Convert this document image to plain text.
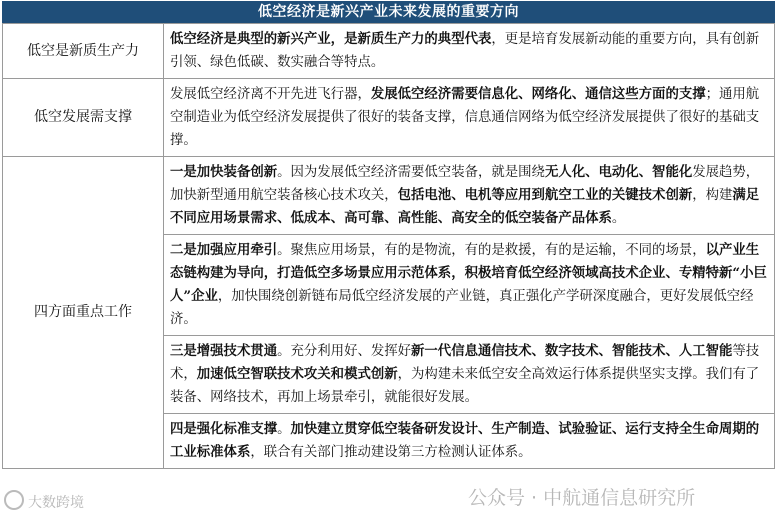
低空经济是新兴产业未来发展的重要方向
低空是新质生产力	低空经济是典型的新兴产业，是新质生产力的典型代表，更是培育发展新动能的重要方向，具有创新引领、绿色低碳、数实融合等特点。
低空发展需支撑	发展低空经济离不开先进飞行器，发展低空经济需要信息化、网络化、通信这些方面的支撑；通用航空制造业为低空经济发展提供了很好的装备支撑，信息通信网络为低空经济发展提供了很好的基础支撑。
四方面重点工作	一是加快装备创新。因为发展低空经济需要低空装备，就是围绕无人化、电动化、智能化发展趋势，加快新型通用航空装备核心技术攻关，包括电池、电机等应用到航空工业的关键技术创新，构建满足不同应用场景需求、低成本、高可靠、高性能、高安全的低空装备产品体系。
	二是加强应用牵引。聚焦应用场景，有的是物流，有的是救援，有的是运输，不同的场景，以产业生态链构建为导向，打造低空多场景应用示范体系，积极培育低空经济领域高技术企业、专精特新“小巨人”企业，加快围绕创新链布局低空经济发展的产业链，真正强化产学研深度融合，更好发展低空经济。
	三是增强技术贯通。充分利用好、发挥好新一代信息通信技术、数字技术、智能技术、人工智能等技术，加速低空智联技术攻关和模式创新，为构建未来低空安全高效运行体系提供坚实支撑。我们有了装备、网络技术，再加上场景牵引，就能很好发展。
	四是强化标准支撑。加快建立贯穿低空装备研发设计、生产制造、试验验证、运行支持全生命周期的工业标准体系，联合有关部门推动建设第三方检测认证体系。
大数跨境	公众号 · 中航通信息研究所
